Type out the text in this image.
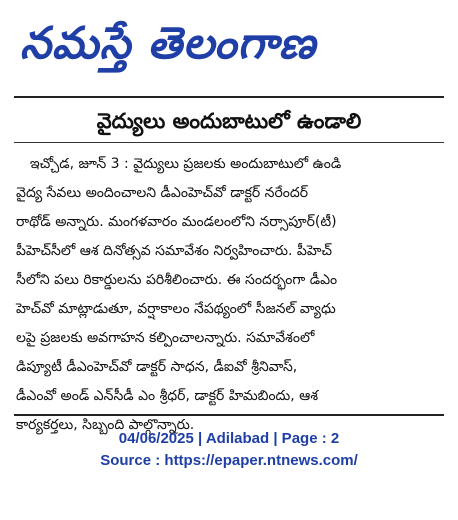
నమస్తే తెలంగాణ
వైద్యులు అందుబాటులో ఉండాలి
ఇచ్చోడ, జూన్ 3 : వైద్యులు ప్రజలకు అందుబాటులో ఉండి
వైద్య సేవలు అందించాలని డీఎంహెచ్‌వో డాక్టర్ నరేందర్
రాథోడ్ అన్నారు. మంగళవారం మండలంలోని నర్సాపూర్(టీ)
పీహెచ్‌సీలో ఆశ దినోత్సవ సమావేశం నిర్వహించారు. పీహెచ్
సీలోని పలు రికార్డులను పరిశీలించారు. ఈ సందర్భంగా డీఎం
హెచ్‌వో మాట్లాడుతూ, వర్షాకాలం నేపథ్యంలో సీజనల్ వ్యాధు
లపై ప్రజలకు అవగాహన కల్పించాలన్నారు. సమావేశంలో
డిప్యూటీ డీఎంహెచ్‌వో డాక్టర్ సాధన, డీఐవో శ్రీనివాస్,
డీఎంవో అండ్ ఎన్‌సీడీ ఎం శ్రీధర్, డాక్టర్ హిమబిందు, ఆశ
కార్యకర్తలు, సిబ్బంది పాల్గొన్నారు.
04/06/2025 | Adilabad | Page : 2
Source : https://epaper.ntnews.com/
